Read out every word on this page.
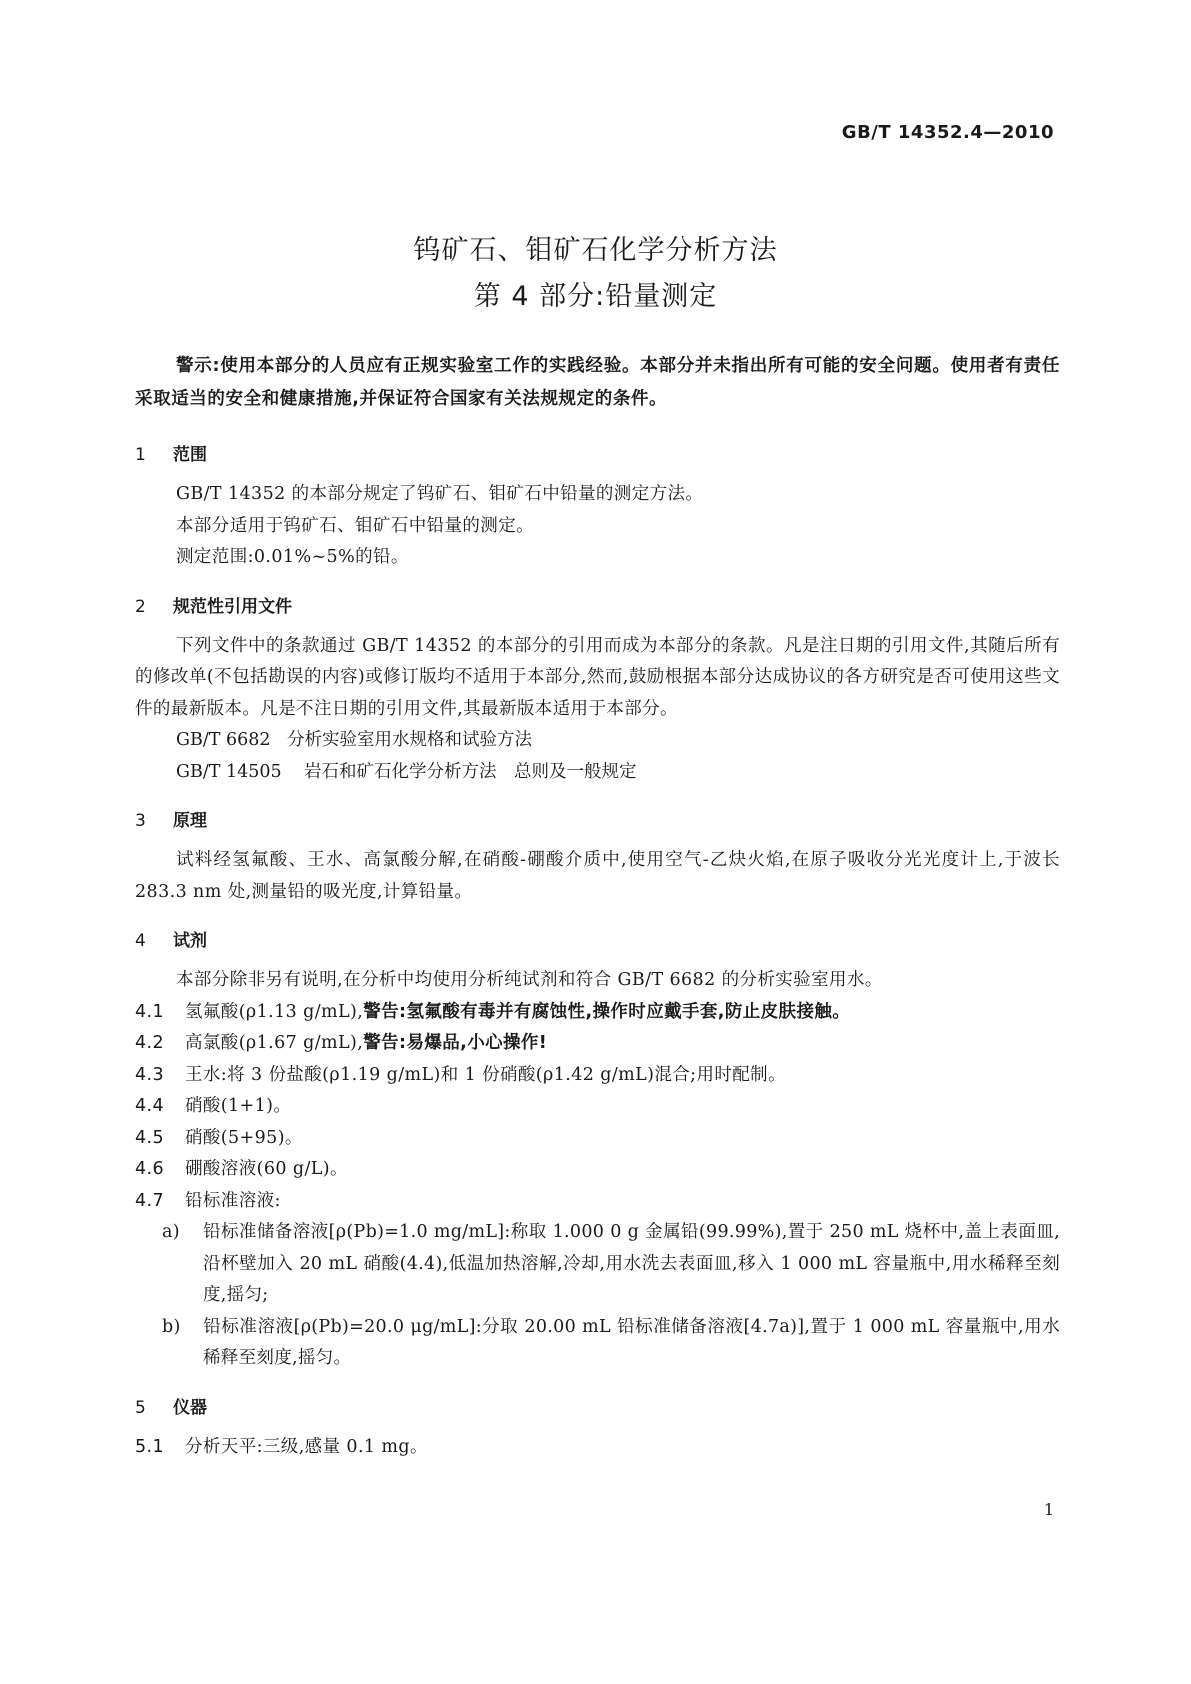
GB/T 14352.4—2010
钨矿石、钼矿石化学分析方法
第 4 部分:铅量测定

警示:使用本部分的人员应有正规实验室工作的实践经验。本部分并未指出所有可能的安全问题。使用者有责任采取适当的安全和健康措施,并保证符合国家有关法规规定的条件。

1 范围

GB/T 14352 的本部分规定了钨矿石、钼矿石中铅量的测定方法。

本部分适用于钨矿石、钼矿石中铅量的测定。

测定范围:0.01%~5%的铅。

2 规范性引用文件

下列文件中的条款通过 GB/T 14352 的本部分的引用而成为本部分的条款。凡是注日期的引用文件,其随后所有的修改单(不包括勘误的内容)或修订版均不适用于本部分,然而,鼓励根据本部分达成协议的各方研究是否可使用这些文件的最新版本。凡是不注日期的引用文件,其最新版本适用于本部分。

GB/T 6682 分析实验室用水规格和试验方法

GB/T 14505 岩石和矿石化学分析方法　总则及一般规定

3 原理

试料经氢氟酸、王水、高氯酸分解,在硝酸-硼酸介质中,使用空气-乙炔火焰,在原子吸收分光光度计上,于波长 283.3 nm 处,测量铅的吸光度,计算铅量。

4 试剂

本部分除非另有说明,在分析中均使用分析纯试剂和符合 GB/T 6682 的分析实验室用水。

4.1 氢氟酸(ρ1.13 g/mL),警告:氢氟酸有毒并有腐蚀性,操作时应戴手套,防止皮肤接触。

4.2 高氯酸(ρ1.67 g/mL),警告:易爆品,小心操作!

4.3 王水:将 3 份盐酸(ρ1.19 g/mL)和 1 份硝酸(ρ1.42 g/mL)混合;用时配制。

4.4 硝酸(1+1)。

4.5 硝酸(5+95)。

4.6 硼酸溶液(60 g/L)。

4.7 铅标准溶液:

a) 铅标准储备溶液[ρ(Pb)=1.0 mg/mL]:称取 1.000 0 g 金属铅(99.99%),置于 250 mL 烧杯中,盖上表面皿,沿杯壁加入 20 mL 硝酸(4.4),低温加热溶解,冷却,用水洗去表面皿,移入 1 000 mL 容量瓶中,用水稀释至刻度,摇匀;

b) 铅标准溶液[ρ(Pb)=20.0 μg/mL]:分取 20.00 mL 铅标准储备溶液[4.7a)],置于 1 000 mL 容量瓶中,用水稀释至刻度,摇匀。

5 仪器

5.1 分析天平:三级,感量 0.1 mg。

1
